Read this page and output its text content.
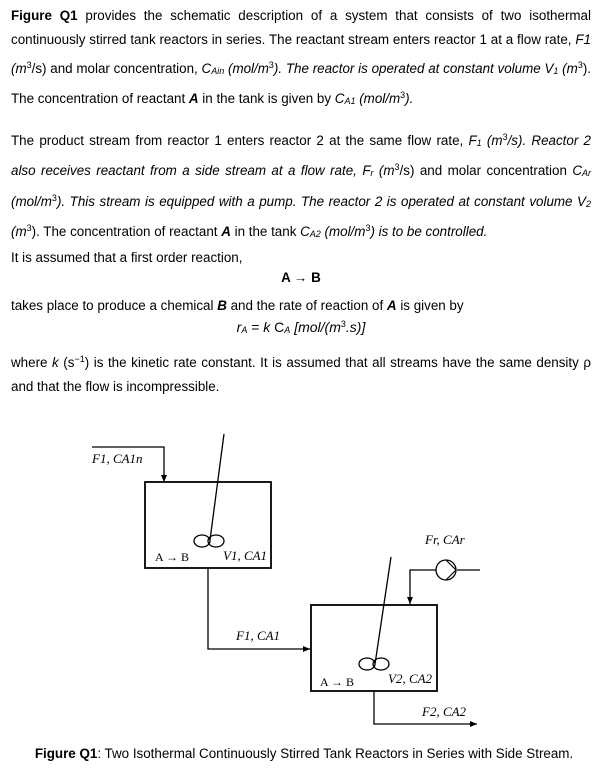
Figure Q1 provides the schematic description of a system that consists of two isothermal continuously stirred tank reactors in series. The reactant stream enters reactor 1 at a flow rate, F1 $(m^3/s)$ and molar concentration, CAin $(mol/m^3)$. The reactor is operated at constant volume V1 $(m^3)$. The concentration of reactant A in the tank is given by CA1 $(mol/m^3)$.
The product stream from reactor 1 enters reactor 2 at the same flow rate, F1 $(m^3/s)$. Reactor 2 also receives reactant from a side stream at a flow rate, Fr $(m^3/s)$ and molar concentration CAr $(mol/m^3)$. This stream is equipped with a pump. The reactor 2 is operated at constant volume V2 $(m^3)$. The concentration of reactant A in the tank CA2 $(mol/m^3)$ is to be controlled.
It is assumed that a first order reaction,
A → B
takes place to produce a chemical B and the rate of reaction of A is given by
rA = k CA $[mol/(m^3.s)]$
where k $(s^{-1})$ is the kinetic rate constant. It is assumed that all streams have the same density ρ and that the flow is incompressible.
F1, CA1n
V1, CA1
F1, CA1
Fr, CAr
V2, CA2
F2, CA2
A → B
A → B
Figure Q1: Two Isothermal Continuously Stirred Tank Reactors in Series with Side Stream.
